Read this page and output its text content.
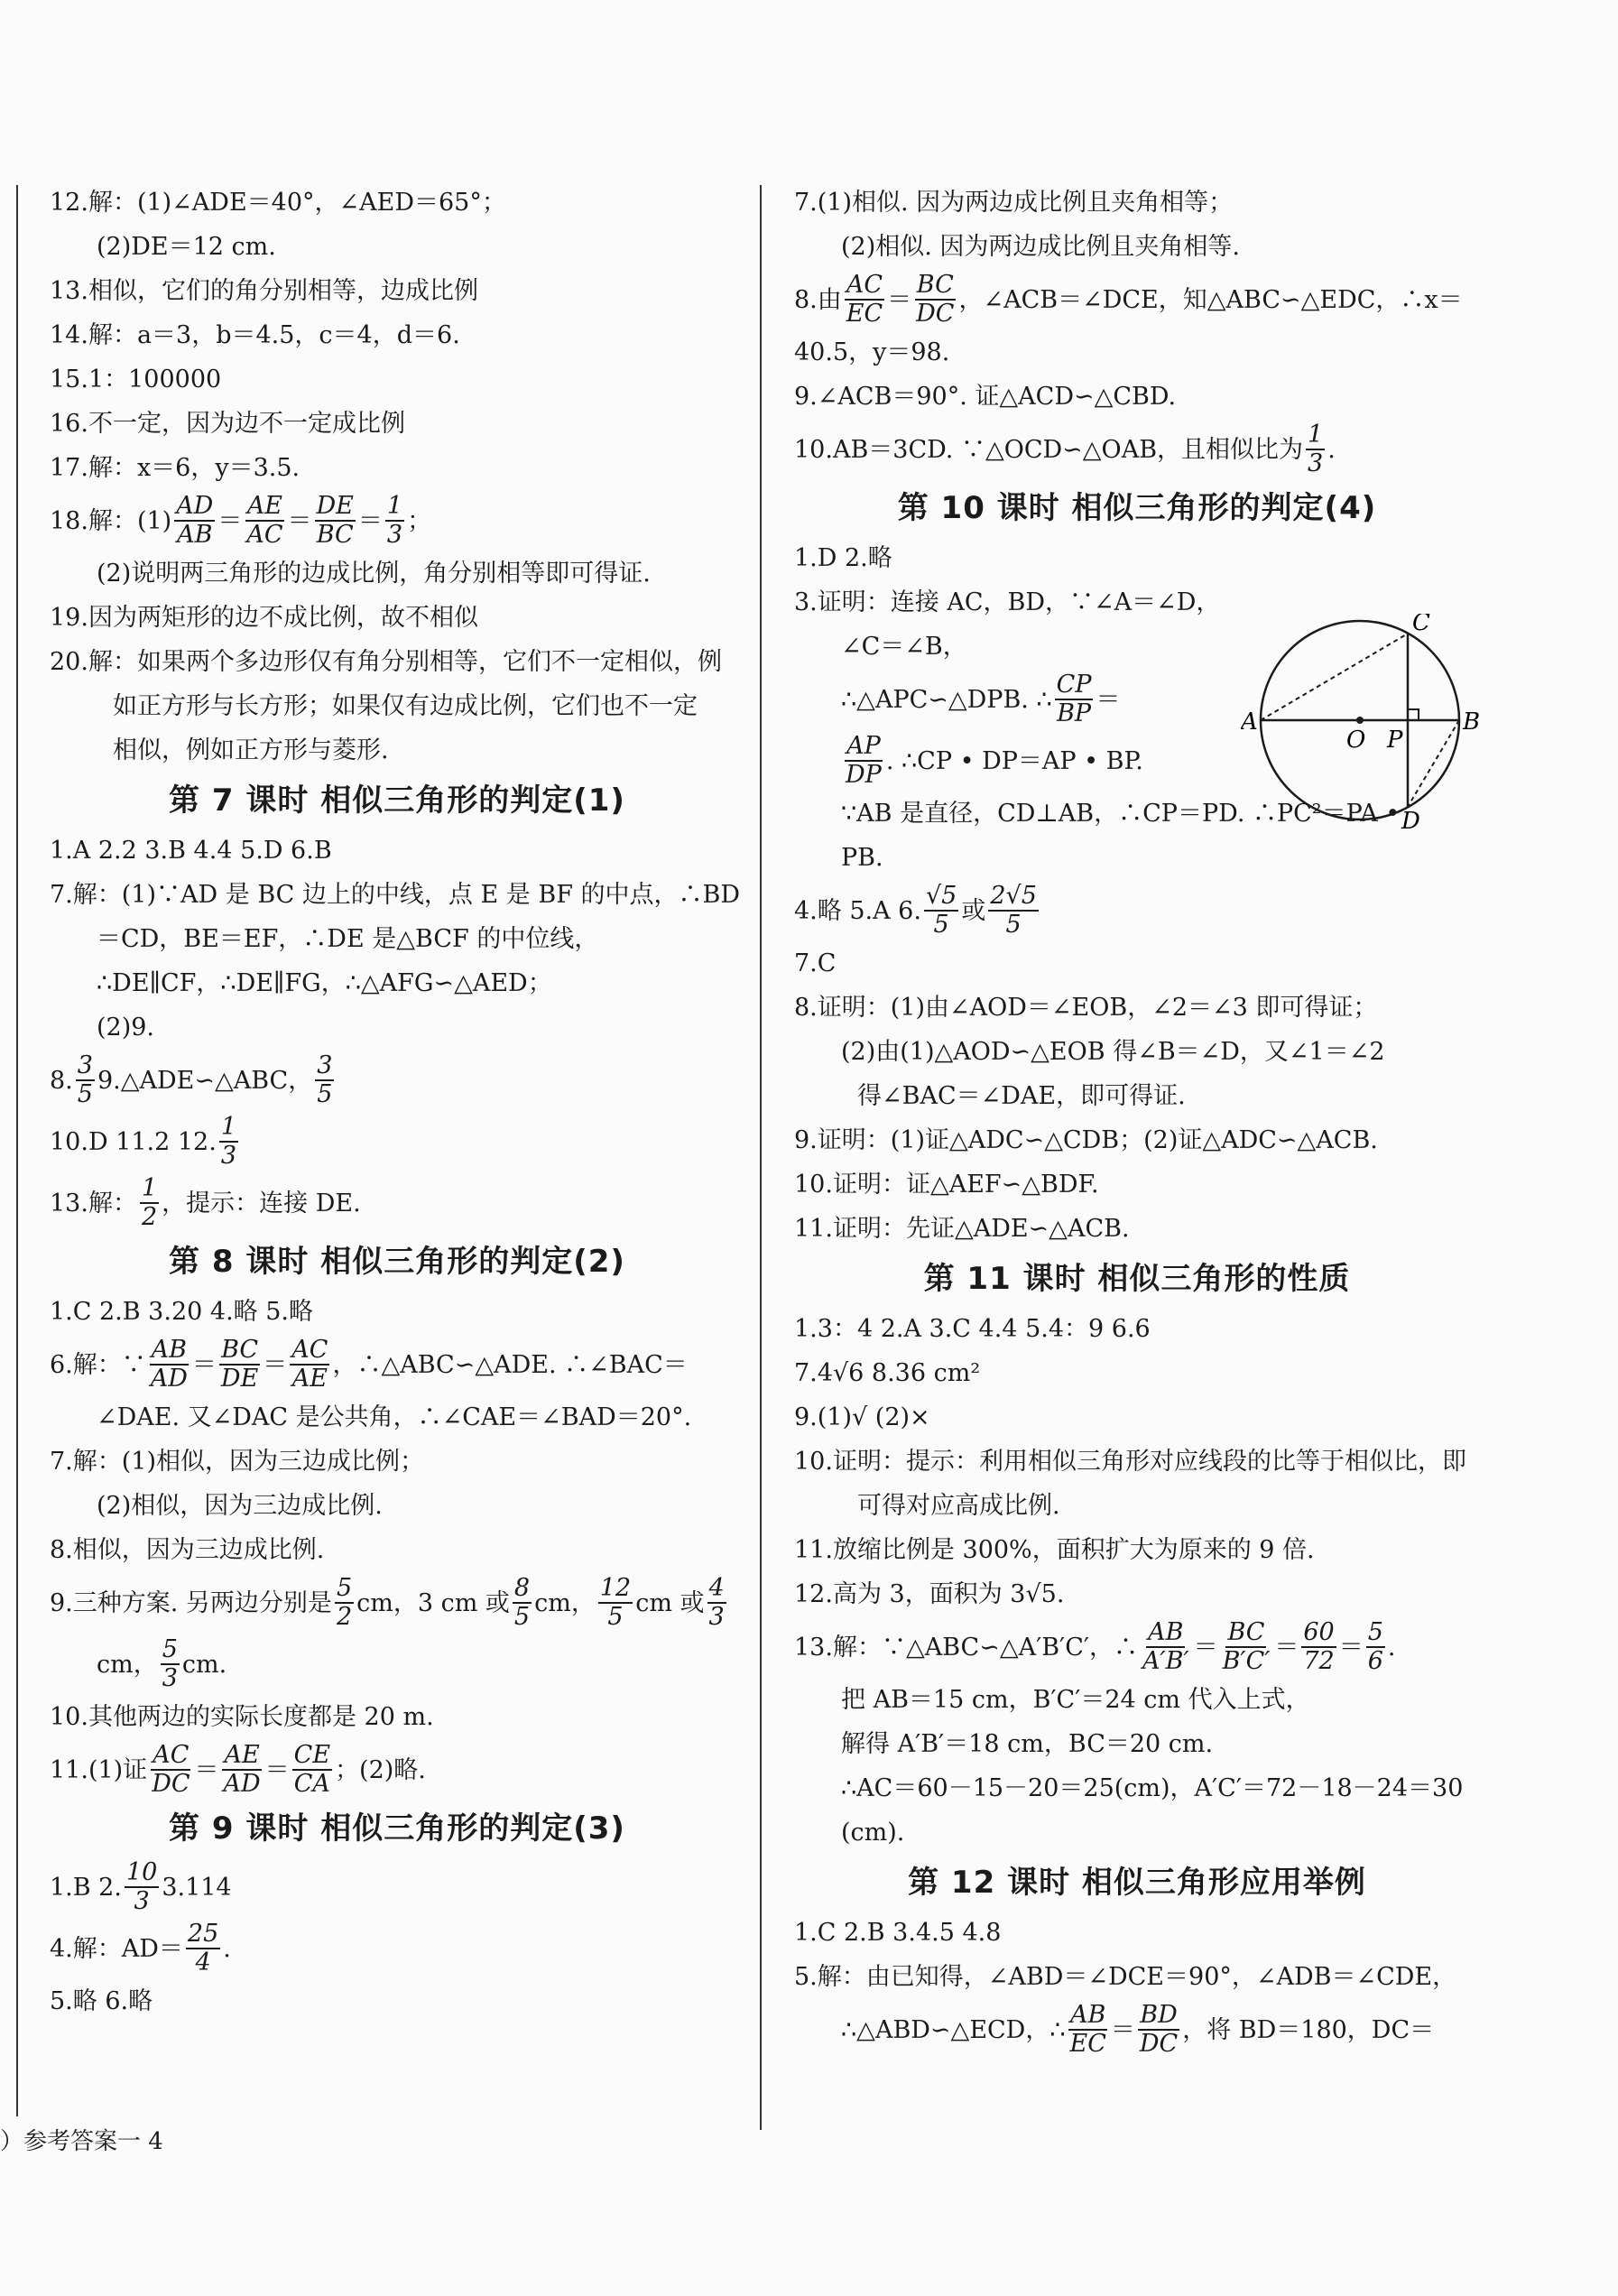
12.解：(1)∠ADE＝40°，∠AED＝65°；
(2)DE＝12 cm.
13.相似，它们的角分别相等，边成比例
14.解：a＝3，b＝4.5，c＝4，d＝6.
15.1：100000
16.不一定，因为边不一定成比例
17.解：x＝6，y＝3.5.
18.解：$(1) \frac{AD}{AB} = \frac{AE}{AC} = \frac{DE}{BC} = \frac{1}{3}$ ；
(2)说明两三角形的边成比例，角分别相等即可得证.
19.因为两矩形的边不成比例，故不相似
20.解：如果两个多边形仅有角分别相等，它们不一定相似，例
如正方形与长方形；如果仅有边成比例，它们也不一定
相似，例如正方形与菱形.
第 7 课时 相似三角形的判定(1)
1.A 2.2 3.B 4.4 5.D 6.B
7.解：(1)∵AD 是 BC 边上的中线，点 E 是 BF 的中点，∴BD
＝CD，BE＝EF，∴DE 是△BCF 的中位线，
∴DE∥CF，∴DE∥FG，∴△AFG∽△AED；
(2)9.
8. $\frac{3}{5}$ 9.△ADE∽△ABC， $\frac{3}{5}$
10.D 11.2 12. $\frac{1}{3}$
13.解： $\frac{1}{2}$ ，提示：连接 DE.
第 8 课时 相似三角形的判定(2)
1.C 2.B 3.20 4.略 5.略
6.解：∵ $\frac{AB}{AD} = \frac{BC}{DE} = \frac{AC}{AE}$ ，∴△ABC∽△ADE. ∴∠BAC＝
∠DAE. 又∠DAC 是公共角，∴∠CAE＝∠BAD＝20°.
7.解：(1)相似，因为三边成比例；
(2)相似，因为三边成比例.
8.相似，因为三边成比例.
9.三种方案. 另两边分别是 $\frac{5}{2}$ cm，3 cm 或 $\frac{8}{5}$ cm， $\frac{12}{5}$ cm 或 $\frac{4}{3}$
cm， $\frac{5}{3}$ cm.
10.其他两边的实际长度都是 20 m.
11.(1)证 $\frac{AC}{DC} = \frac{AE}{AD} = \frac{CE}{CA}$ ；(2)略.
第 9 课时 相似三角形的判定(3)
1.B 2. $\frac{10}{3} 3.114$
4.解：$AD= \frac{25}{4}$ .
5.略 6.略
7.(1)相似. 因为两边成比例且夹角相等；
(2)相似. 因为两边成比例且夹角相等.
8.由 $\frac{AC}{EC} = \frac{BC}{DC}$ ，∠ACB＝∠DCE，知△ABC∽△EDC，∴x＝
40.5，y＝98.
9.∠ACB＝90°. 证△ACD∽△CBD.
10.AB＝3CD. ∵△OCD∽△OAB，且相似比为 $\frac{1}{3}$ .
第 10 课时 相似三角形的判定(4)
1.D 2.略
3.证明：连接 AC，BD，∵∠A＝∠D，
∠C＝∠B，
∴△APC∽△DPB. ∴ $\frac{CP}{BP}$ ＝
$\frac{AP}{DP}$ . ∴CP • DP＝AP • BP.
∵AB 是直径，CD⊥AB，∴CP＝PD. ∴PC²＝PA •
PB.
4.略 5.A 6. $\frac{√5}{5}$ 或 $\frac{2√5}{5}$
7.C
8.证明：(1)由∠AOD＝∠EOB，∠2＝∠3 即可得证；
(2)由(1)△AOD∽△EOB 得∠B＝∠D，又∠1＝∠2
得∠BAC＝∠DAE，即可得证.
9.证明：(1)证△ADC∽△CDB；(2)证△ADC∽△ACB.
10.证明：证△AEF∽△BDF.
11.证明：先证△ADE∽△ACB.
第 11 课时 相似三角形的性质
1.3：4 2.A 3.C 4.4 5.4：9 6.6
7.4√6 8.36 cm²
9.(1)√ (2)×
10.证明：提示：利用相似三角形对应线段的比等于相似比，即
可得对应高成比例.
11.放缩比例是 300%，面积扩大为原来的 9 倍.
12.高为 3，面积为 3√5.
13.解：∵△ABC∽△A′B′C′，∴ $\frac{AB}{A'B'} = \frac{BC}{B'C'} = \frac{60}{72} = \frac{5}{6}$ .
把 AB＝15 cm，B′C′＝24 cm 代入上式，
解得 A′B′＝18 cm，BC＝20 cm.
∴AC＝60－15－20＝25(cm)，A′C′＝72－18－24＝30
(cm).
第 12 课时 相似三角形应用举例
1.C 2.B 3.4.5 4.8
5.解：由已知得，∠ABD＝∠DCE＝90°，∠ADB＝∠CDE，
∴△ABD∽△ECD，∴ $\frac{AB}{EC} = \frac{BD}{DC}$ ，将 BD＝180，DC＝
C
A
O P
B
D
）参考答案一 4
